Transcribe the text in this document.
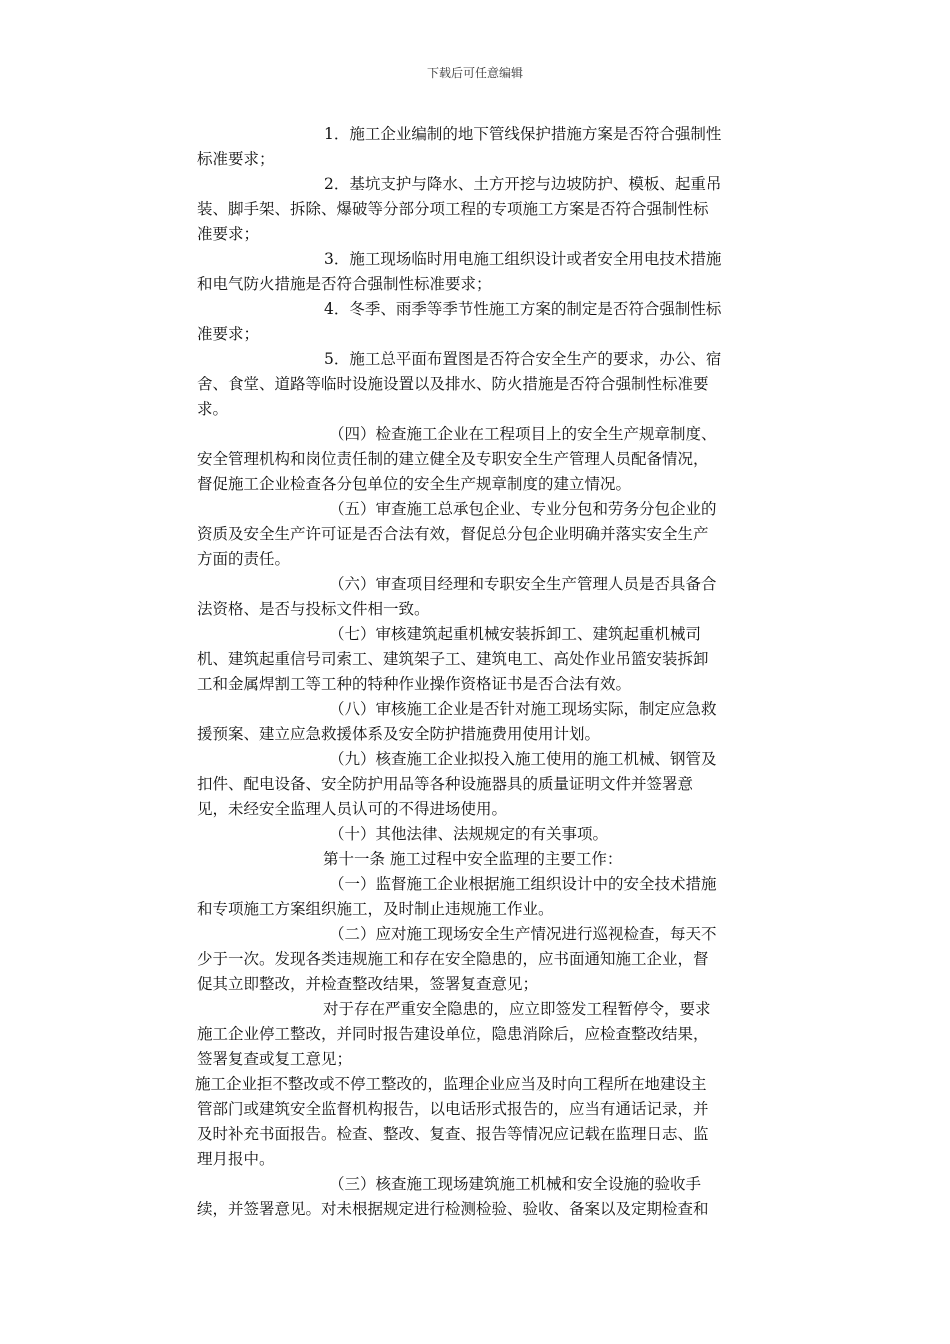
下载后可任意编辑
1．施工企业编制的地下管线保护措施方案是否符合强制性
标准要求；
2．基坑支护与降水、土方开挖与边坡防护、模板、起重吊
装、脚手架、拆除、爆破等分部分项工程的专项施工方案是否符合强制性标
准要求；
3．施工现场临时用电施工组织设计或者安全用电技术措施
和电气防火措施是否符合强制性标准要求；
4．冬季、雨季等季节性施工方案的制定是否符合强制性标
准要求；
5．施工总平面布置图是否符合安全生产的要求，办公、宿
舍、食堂、道路等临时设施设置以及排水、防火措施是否符合强制性标准要
求。
（四）检查施工企业在工程项目上的安全生产规章制度、
安全管理机构和岗位责任制的建立健全及专职安全生产管理人员配备情况，
督促施工企业检查各分包单位的安全生产规章制度的建立情况。
（五）审查施工总承包企业、专业分包和劳务分包企业的
资质及安全生产许可证是否合法有效，督促总分包企业明确并落实安全生产
方面的责任。
（六）审查项目经理和专职安全生产管理人员是否具备合
法资格、是否与投标文件相一致。
（七）审核建筑起重机械安装拆卸工、建筑起重机械司
机、建筑起重信号司索工、建筑架子工、建筑电工、高处作业吊篮安装拆卸
工和金属焊割工等工种的特种作业操作资格证书是否合法有效。
（八）审核施工企业是否针对施工现场实际，制定应急救
援预案、建立应急救援体系及安全防护措施费用使用计划。
（九）核查施工企业拟投入施工使用的施工机械、钢管及
扣件、配电设备、安全防护用品等各种设施器具的质量证明文件并签署意
见，未经安全监理人员认可的不得进场使用。
（十）其他法律、法规规定的有关事项。
第十一条 施工过程中安全监理的主要工作：
（一）监督施工企业根据施工组织设计中的安全技术措施
和专项施工方案组织施工，及时制止违规施工作业。
（二）应对施工现场安全生产情况进行巡视检查，每天不
少于一次。发现各类违规施工和存在安全隐患的，应书面通知施工企业，督
促其立即整改，并检查整改结果，签署复查意见；
对于存在严重安全隐患的，应立即签发工程暂停令，要求
施工企业停工整改，并同时报告建设单位，隐患消除后，应检查整改结果，
签署复查或复工意见；
施工企业拒不整改或不停工整改的，监理企业应当及时向工程所在地建设主
管部门或建筑安全监督机构报告，以电话形式报告的，应当有通话记录，并
及时补充书面报告。检查、整改、复查、报告等情况应记载在监理日志、监
理月报中。
（三）核查施工现场建筑施工机械和安全设施的验收手
续，并签署意见。对未根据规定进行检测检验、验收、备案以及定期检查和
